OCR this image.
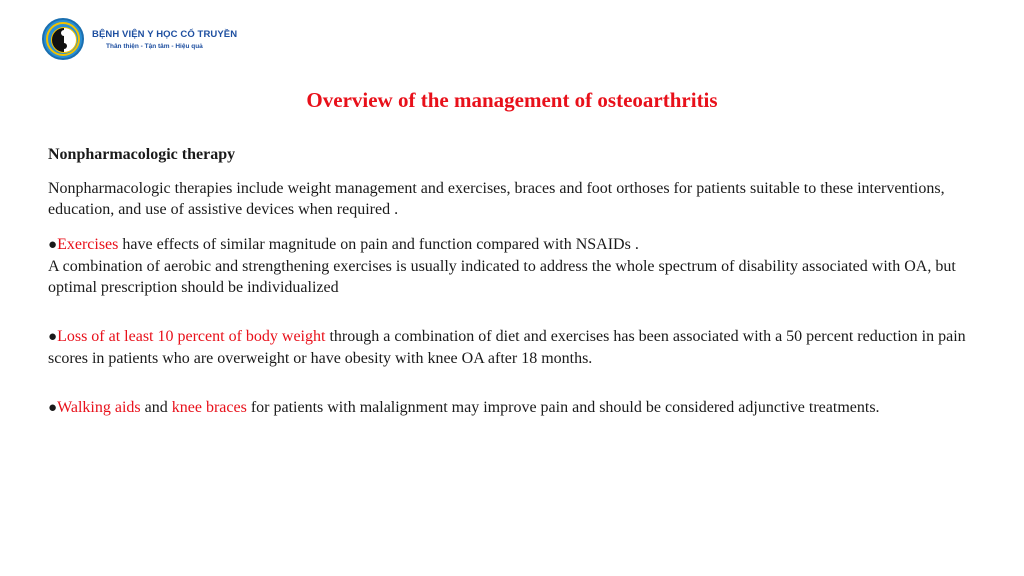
BỆNH VIỆN Y HỌC CỔ TRUYỀN
Thân thiện - Tận tâm - Hiệu quả
Overview of the management of osteoarthritis
Nonpharmacologic therapy
Nonpharmacologic therapies include weight management and exercises, braces and foot orthoses for patients suitable to these interventions, education, and use of assistive devices when required .
●Exercises have effects of similar magnitude on pain and function compared with NSAIDs .
A combination of aerobic and strengthening exercises is usually indicated to address the whole spectrum of disability associated with OA, but optimal prescription should be individualized
●Loss of at least 10 percent of body weight through a combination of diet and exercises has been associated with a 50 percent reduction in pain scores in patients who are overweight or have obesity with knee OA after 18 months.
●Walking aids and knee braces for patients with malalignment may improve pain and should be considered adjunctive treatments.
